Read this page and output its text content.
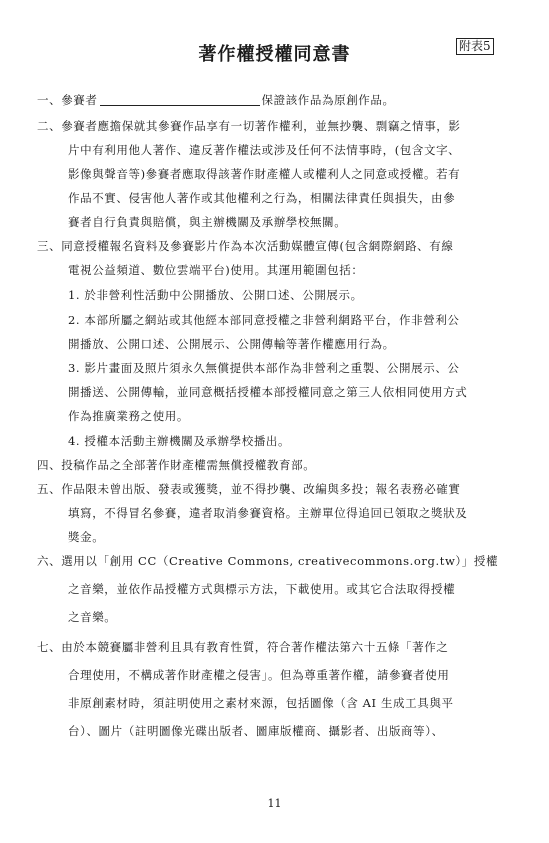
附表5
著作權授權同意書
一、參賽者	保證該作品為原創作品。
二、參賽者應擔保就其參賽作品享有一切著作權利，並無抄襲、剽竊之情事，影
片中有利用他人著作、違反著作權法或涉及任何不法情事時，(包含文字、
影像與聲音等)參賽者應取得該著作財產權人或權利人之同意或授權。若有
作品不實、侵害他人著作或其他權利之行為，相關法律責任與損失，由參
賽者自行負責與賠償，與主辦機關及承辦學校無關。
三、同意授權報名資料及參賽影片作為本次活動媒體宣傳(包含網際網路、有線
電視公益頻道、數位雲端平台)使用。其運用範圍包括：
1. 於非營利性活動中公開播放、公開口述、公開展示。
2. 本部所屬之網站或其他經本部同意授權之非營利網路平台，作非營利公
開播放、公開口述、公開展示、公開傳輸等著作權應用行為。
3. 影片畫面及照片須永久無償提供本部作為非營利之重製、公開展示、公
開播送、公開傳輸，並同意概括授權本部授權同意之第三人依相同使用方式
作為推廣業務之使用。
4. 授權本活動主辦機關及承辦學校播出。
四、投稿作品之全部著作財產權需無償授權教育部。
五、作品限未曾出版、發表或獲獎，並不得抄襲、改編與多投；報名表務必確實
填寫，不得冒名參賽，違者取消參賽資格。主辦單位得追回已領取之獎狀及
獎金。
六、選用以「創用 CC（Creative Commons, creativecommons.org.tw）」授權
之音樂，並依作品授權方式與標示方法，下載使用。或其它合法取得授權
之音樂。
七、由於本競賽屬非營利且具有教育性質，符合著作權法第六十五條「著作之
合理使用，不構成著作財產權之侵害」。但為尊重著作權，請參賽者使用
非原創素材時，須註明使用之素材來源，包括圖像（含 AI 生成工具與平
台）、圖片（註明圖像光碟出版者、圖庫版權商、攝影者、出版商等）、
11
